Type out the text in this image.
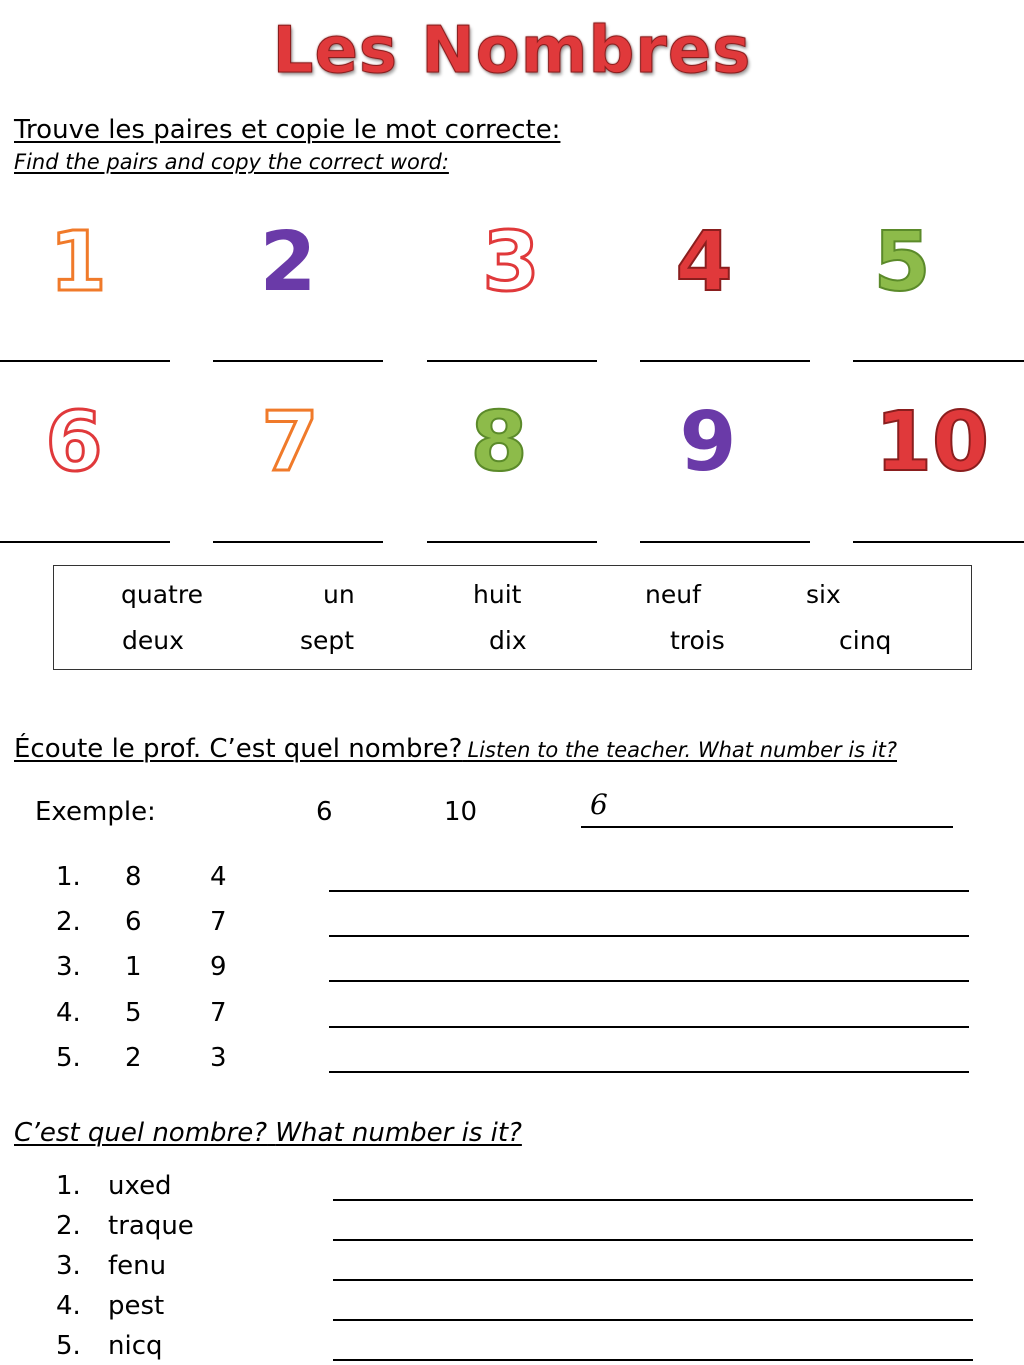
Les Nombres
Trouve les paires et copie le mot correcte:
Find the pairs and copy the correct word:
1	2	3	4	5
6	7	8	9	10
quatre	un	huit	neuf	six
deux	sept	dix	trois	cinq
Écoute le prof. C’est quel nombre? Listen to the teacher. What number is it?
Exemple:	6	10	6
1. 8	4
2. 6	7
3. 1	9
4. 5	7
5. 2	3
C’est quel nombre? What number is it?
1. uxed
2. traque
3. fenu
4. pest
5. nicq
